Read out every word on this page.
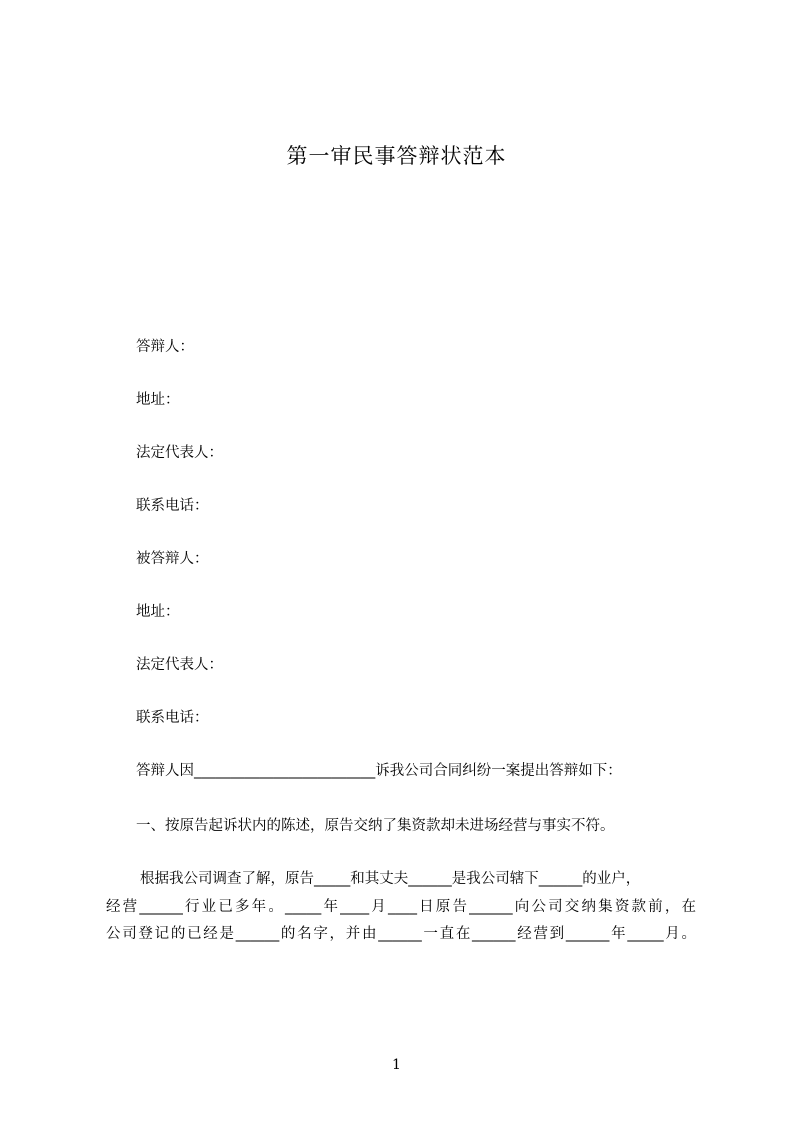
第一审民事答辩状范本
答辩人：
地址：
法定代表人：
联系电话：
被答辩人：
地址：
法定代表人：
联系电话：
答辩人因_________________________诉我公司合同纠纷一案提出答辩如下：
一、按原告起诉状内的陈述，原告交纳了集资款却未进场经营与事实不符。
根据我公司调查了解，原告_____和其丈夫______是我公司辖下______的业户，
经营______行业已多年。_____年____月____日原告______向公司交纳集资款前，在
公司登记的已经是______的名字，并由______一直在______经营到______年_____月。
1
